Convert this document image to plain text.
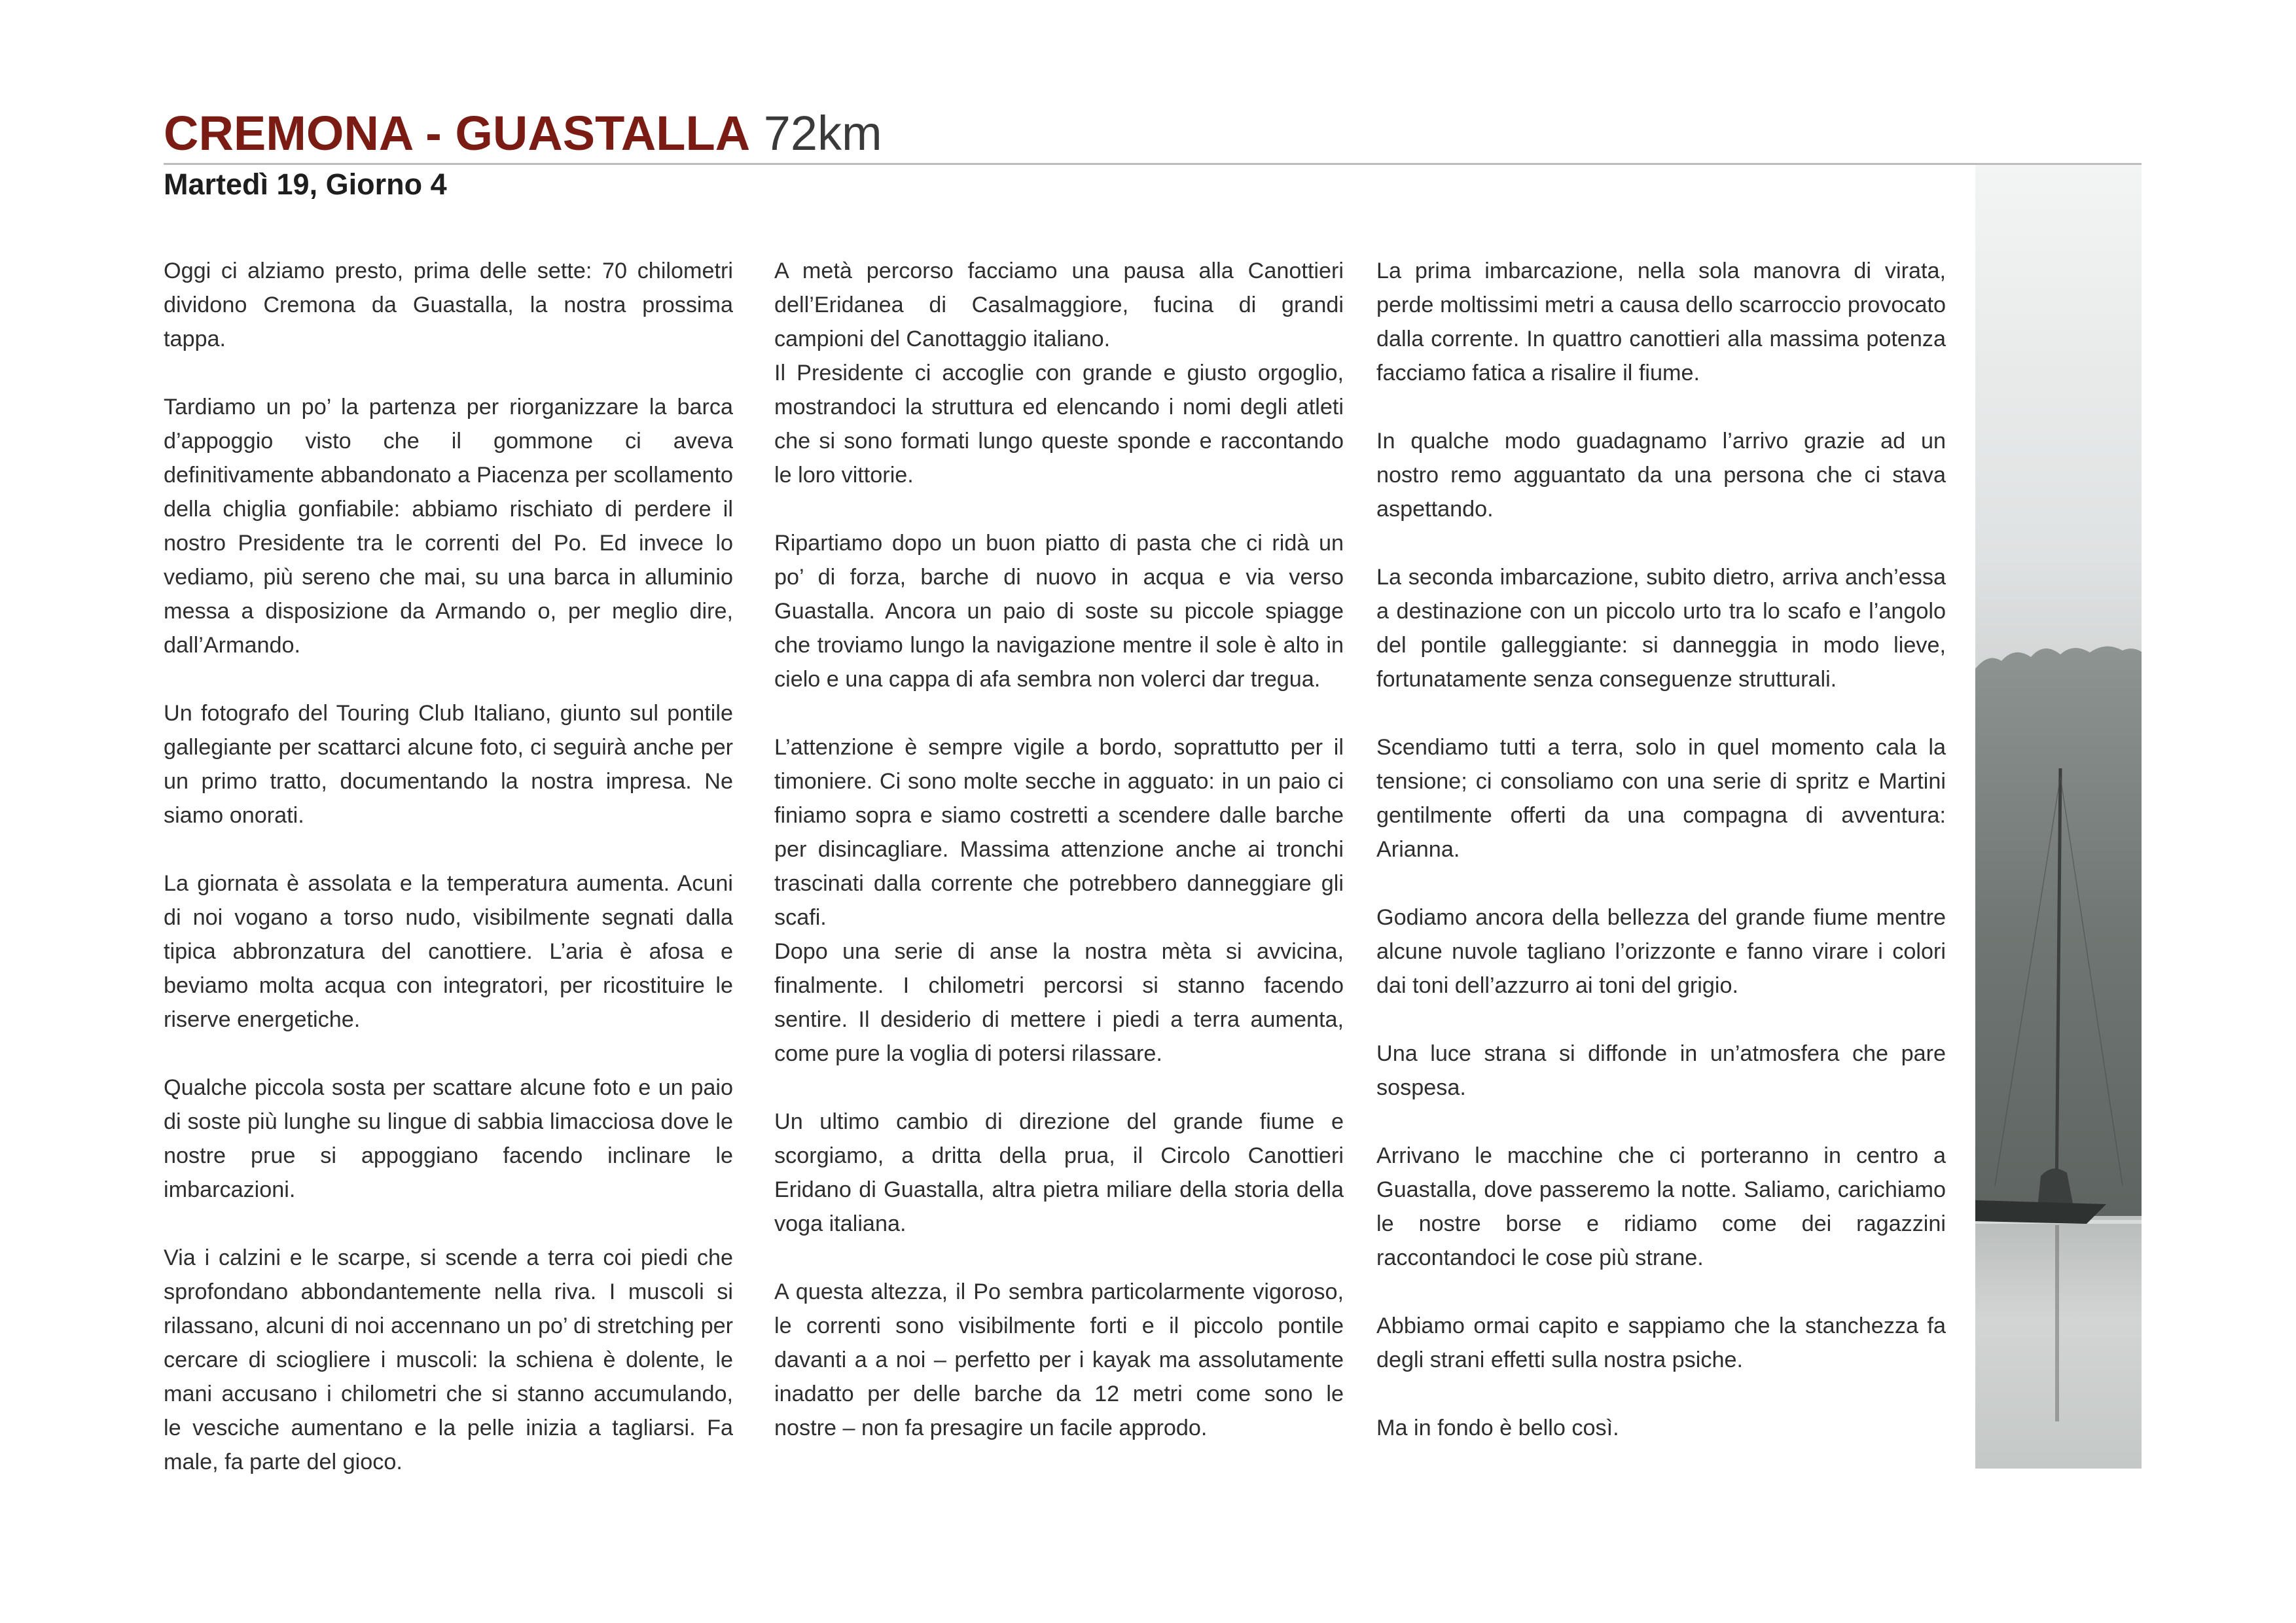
CREMONA - GUASTALLA 72km
Martedì 19, Giorno 4

Oggi ci alziamo presto, prima delle sette: 70 chilometri dividono Cremona da Guastalla, la nostra prossima tappa.

Tardiamo un po’ la partenza per riorganizzare la barca d’appoggio visto che il gommone ci aveva definitivamente abbandonato a Piacenza per scollamento della chiglia gonfiabile: abbiamo rischiato di perdere il nostro Presidente tra le correnti del Po. Ed invece lo vediamo, più sereno che mai, su una barca in alluminio messa a disposizione da Armando o, per meglio dire, dall’Armando.

Un fotografo del Touring Club Italiano, giunto sul pontile gallegiante per scattarci alcune foto, ci seguirà anche per un primo tratto, documentando la nostra impresa. Ne siamo onorati.

La giornata è assolata e la temperatura aumenta. Acuni di noi vogano a torso nudo, visibilmente segnati dalla tipica abbronzatura del canottiere. L’aria è afosa e beviamo molta acqua con integratori, per ricostituire le riserve energetiche.

Qualche piccola sosta per scattare alcune foto e un paio di soste più lunghe su lingue di sabbia limacciosa dove le nostre prue si appoggiano facendo inclinare le imbarcazioni.

Via i calzini e le scarpe, si scende a terra coi piedi che sprofondano abbondantemente nella riva. I muscoli si rilassano, alcuni di noi accennano un po’ di stretching per cercare di sciogliere i muscoli: la schiena è dolente, le mani accusano i chilometri che si stanno accumulando, le vesciche aumentano e la pelle inizia a tagliarsi. Fa male, fa parte del gioco.

A metà percorso facciamo una pausa alla Canottieri dell’Eridanea di Casalmaggiore, fucina di grandi campioni del Canottaggio italiano.

Il Presidente ci accoglie con grande e giusto orgoglio, mostrandoci la struttura ed elencando i nomi degli atleti che si sono formati lungo queste sponde e raccontando le loro vittorie.

Ripartiamo dopo un buon piatto di pasta che ci ridà un po’ di forza, barche di nuovo in acqua e via verso Guastalla. Ancora un paio di soste su piccole spiagge che troviamo lungo la navigazione mentre il sole è alto in cielo e una cappa di afa sembra non volerci dar tregua.

L’attenzione è sempre vigile a bordo, soprattutto per il timoniere. Ci sono molte secche in agguato: in un paio ci finiamo sopra e siamo costretti a scendere dalle barche per disincagliare. Massima attenzione anche ai tronchi trascinati dalla corrente che potrebbero danneggiare gli scafi.

Dopo una serie di anse la nostra mèta si avvicina, finalmente. I chilometri percorsi si stanno facendo sentire. Il desiderio di mettere i piedi a terra aumenta, come pure la voglia di potersi rilassare.

Un ultimo cambio di direzione del grande fiume e scorgiamo, a dritta della prua, il Circolo Canottieri Eridano di Guastalla, altra pietra miliare della storia della voga italiana.

A questa altezza, il Po sembra particolarmente vigoroso, le correnti sono visibilmente forti e il piccolo pontile davanti a a noi – perfetto per i kayak ma assolutamente inadatto per delle barche da 12 metri come sono le nostre – non fa presagire un facile approdo.

La prima imbarcazione, nella sola manovra di virata, perde moltissimi metri a causa dello scarroccio provocato dalla corrente. In quattro canottieri alla massima potenza facciamo fatica a risalire il fiume.

In qualche modo guadagnamo l’arrivo grazie ad un nostro remo agguantato da una persona che ci stava aspettando.

La seconda imbarcazione, subito dietro, arriva anch’essa a destinazione con un piccolo urto tra lo scafo e l’angolo del pontile galleggiante: si danneggia in modo lieve, fortunatamente senza conseguenze strutturali.

Scendiamo tutti a terra, solo in quel momento cala la tensione; ci consoliamo con una serie di spritz e Martini gentilmente offerti da una compagna di avventura: Arianna.

Godiamo ancora della bellezza del grande fiume mentre alcune nuvole tagliano l’orizzonte e fanno virare i colori dai toni dell’azzurro ai toni del grigio.

Una luce strana si diffonde in un’atmosfera che pare sospesa.

Arrivano le macchine che ci porteranno in centro a Guastalla, dove passeremo la notte. Saliamo, carichiamo le nostre borse e ridiamo come dei ragazzini raccontandoci le cose più strane.

Abbiamo ormai capito e sappiamo che la stanchezza fa degli strani effetti sulla nostra psiche.

Ma in fondo è bello così.
